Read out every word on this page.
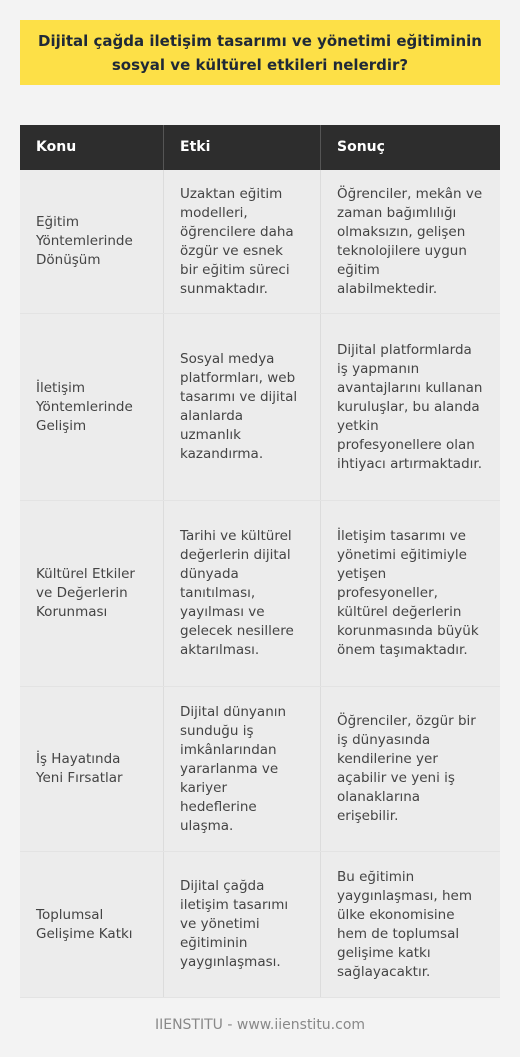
Dijital çağda iletişim tasarımı ve yönetimi eğitiminin sosyal ve kültürel etkileri nelerdir?
Konu	Etki	Sonuç
Eğitim Yöntemlerinde Dönüşüm
Uzaktan eğitim modelleri, öğrencilere daha özgür ve esnek bir eğitim süreci sunmaktadır.
Öğrenciler, mekân ve zaman bağımlılığı olmaksızın, gelişen teknolojilere uygun eğitim alabilmektedir.
İletişim Yöntemlerinde Gelişim
Sosyal medya platformları, web tasarımı ve dijital alanlarda uzmanlık kazandırma.
Dijital platformlarda iş yapmanın avantajlarını kullanan kuruluşlar, bu alanda yetkin profesyonellere olan ihtiyacı artırmaktadır.
Kültürel Etkiler ve Değerlerin Korunması
Tarihi ve kültürel değerlerin dijital dünyada tanıtılması, yayılması ve gelecek nesillere aktarılması.
İletişim tasarımı ve yönetimi eğitimiyle yetişen profesyoneller, kültürel değerlerin korunmasında büyük önem taşımaktadır.
İş Hayatında Yeni Fırsatlar
Dijital dünyanın sunduğu iş imkânlarından yararlanma ve kariyer hedeflerine ulaşma.
Öğrenciler, özgür bir iş dünyasında kendilerine yer açabilir ve yeni iş olanaklarına erişebilir.
Toplumsal Gelişime Katkı
Dijital çağda iletişim tasarımı ve yönetimi eğitiminin yaygınlaşması.
Bu eğitimin yaygınlaşması, hem ülke ekonomisine hem de toplumsal gelişime katkı sağlayacaktır.
IIENSTITU - www.iienstitu.com
